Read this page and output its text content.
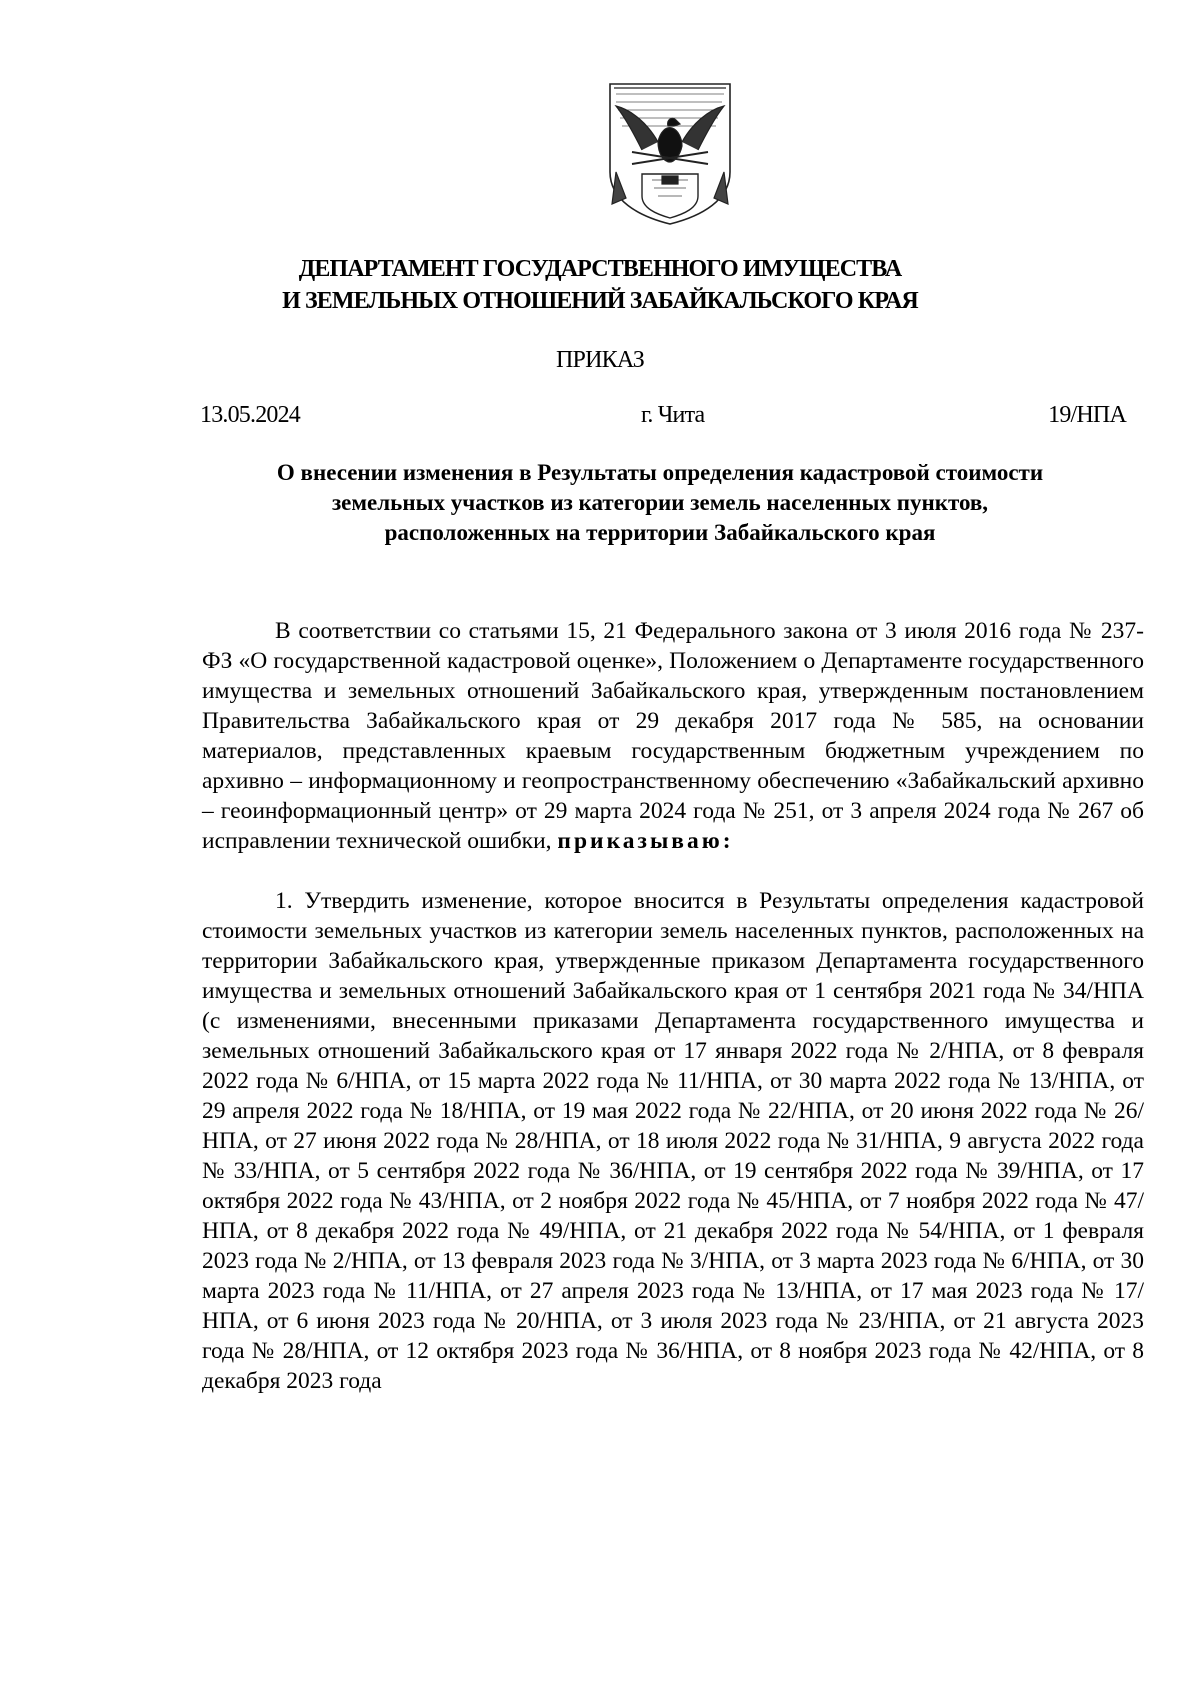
ДЕПАРТАМЕНТ ГОСУДАРСТВЕННОГО ИМУЩЕСТВА
И ЗЕМЕЛЬНЫХ ОТНОШЕНИЙ ЗАБАЙКАЛЬСКОГО КРАЯ
ПРИКАЗ
13.05.2024	г. Чита	19/НПА
О внесении изменения в Результаты определения кадастровой стоимости
земельных участков из категории земель населенных пунктов,
расположенных на территории Забайкальского края

В соответствии со статьями 15, 21 Федерального закона от 3 июля 2016 года № 237-ФЗ «О государственной кадастровой оценке», Положением о Департаменте государственного имущества и земельных отношений Забайкальского края, утвержденным постановлением Правительства Забайкальского края от 29 декабря 2017 года № 585, на основании материалов, представленных краевым государственным бюджетным учреждением по архивно – информационному и геопространственному обеспечению «Забайкальский архивно – геоинформационный центр» от 29 марта 2024 года № 251, от 3 апреля 2024 года № 267 об исправлении технической ошибки, приказываю:

1. Утвердить изменение, которое вносится в Результаты определения кадастровой стоимости земельных участков из категории земель населенных пунктов, расположенных на территории Забайкальского края, утвержденные приказом Департамента государственного имущества и земельных отношений Забайкальского края от 1 сентября 2021 года № 34/НПА (с изменениями, внесенными приказами Департамента государственного имущества и земельных отношений Забайкальского края от 17 января 2022 года № 2/НПА, от 8 февраля 2022 года № 6/НПА, от 15 марта 2022 года № 11/НПА, от 30 марта 2022 года № 13/НПА, от 29 апреля 2022 года № 18/НПА, от 19 мая 2022 года № 22/НПА, от 20 июня 2022 года № 26/НПА, от 27 июня 2022 года № 28/НПА, от 18 июля 2022 года № 31/НПА, 9 августа 2022 года № 33/НПА, от 5 сентября 2022 года № 36/НПА, от 19 сентября 2022 года № 39/НПА, от 17 октября 2022 года № 43/НПА, от 2 ноября 2022 года № 45/НПА, от 7 ноября 2022 года № 47/НПА, от 8 декабря 2022 года № 49/НПА, от 21 декабря 2022 года № 54/НПА, от 1 февраля 2023 года № 2/НПА, от 13 февраля 2023 года № 3/НПА, от 3 марта 2023 года № 6/НПА, от 30 марта 2023 года № 11/НПА, от 27 апреля 2023 года № 13/НПА, от 17 мая 2023 года № 17/НПА, от 6 июня 2023 года № 20/НПА, от 3 июля 2023 года № 23/НПА, от 21 августа 2023 года № 28/НПА, от 12 октября 2023 года № 36/НПА, от 8 ноября 2023 года № 42/НПА, от 8 декабря 2023 года
